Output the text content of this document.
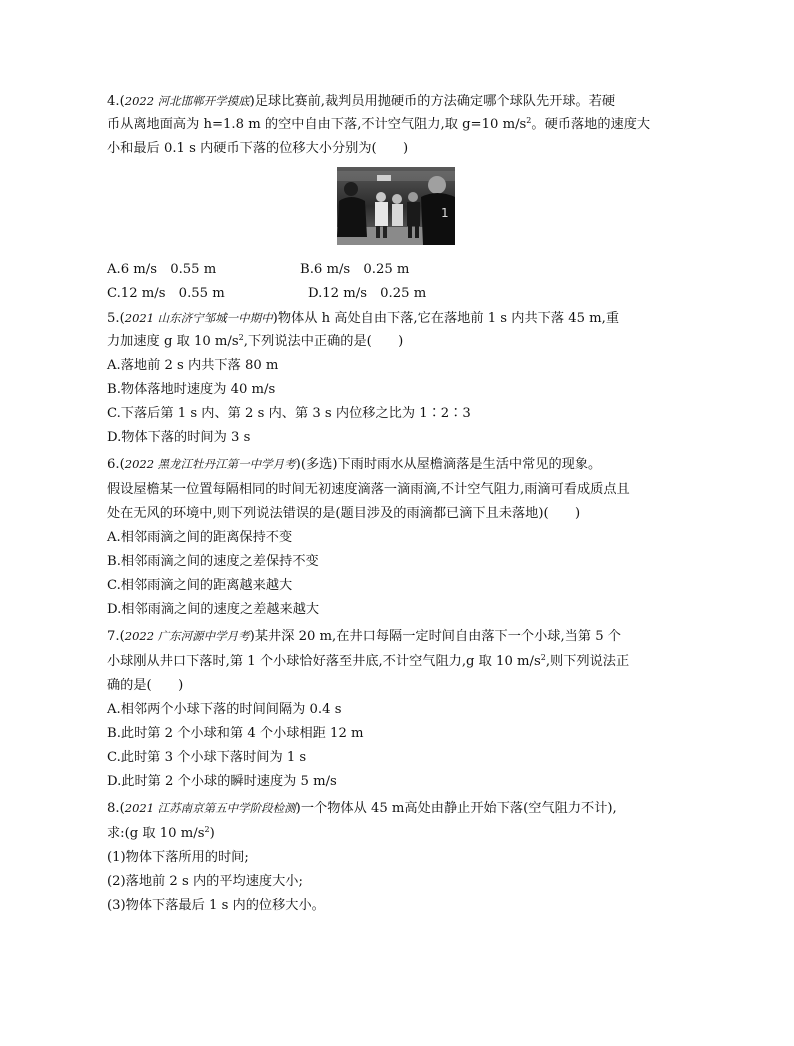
4.(2022 河北邯郸开学摸底)足球比赛前,裁判员用抛硬币的方法确定哪个球队先开球。若硬
币从离地面高为 h=1.8 m 的空中自由下落,不计空气阻力,取 g=10 $m/s^2$。硬币落地的速度大
小和最后 0.1 s 内硬币下落的位移大小分别为(　　)
1
A.6 m/s　0.55 m	B.6 m/s　0.25 m
C.12 m/s　0.55 m	D.12 m/s　0.25 m
5.(2021 山东济宁邹城一中期中)物体从 h 高处自由下落,它在落地前 1 s 内共下落 45 m,重
力加速度 g 取 10 $m/s^2$,下列说法中正确的是(　　)
A.落地前 2 s 内共下落 80 m
B.物体落地时速度为 40 m/s
C.下落后第 1 s 内、第 2 s 内、第 3 s 内位移之比为 1∶2∶3
D.物体下落的时间为 3 s
6.(2022 黑龙江牡丹江第一中学月考)(多选)下雨时雨水从屋檐滴落是生活中常见的现象。
假设屋檐某一位置每隔相同的时间无初速度滴落一滴雨滴,不计空气阻力,雨滴可看成质点且
处在无风的环境中,则下列说法错误的是(题目涉及的雨滴都已滴下且未落地)(　　)
A.相邻雨滴之间的距离保持不变
B.相邻雨滴之间的速度之差保持不变
C.相邻雨滴之间的距离越来越大
D.相邻雨滴之间的速度之差越来越大
7.(2022 广东河源中学月考)某井深 20 m,在井口每隔一定时间自由落下一个小球,当第 5 个
小球刚从井口下落时,第 1 个小球恰好落至井底,不计空气阻力,g 取 10 $m/s^2$,则下列说法正
确的是(　　)
A.相邻两个小球下落的时间间隔为 0.4 s
B.此时第 2 个小球和第 4 个小球相距 12 m
C.此时第 3 个小球下落时间为 1 s
D.此时第 2 个小球的瞬时速度为 5 m/s
8.(2021 江苏南京第五中学阶段检测)一个物体从 45 m高处由静止开始下落(空气阻力不计),
求:(g 取 10 $m/s^2$)
(1)物体下落所用的时间;
(2)落地前 2 s 内的平均速度大小;
(3)物体下落最后 1 s 内的位移大小。
